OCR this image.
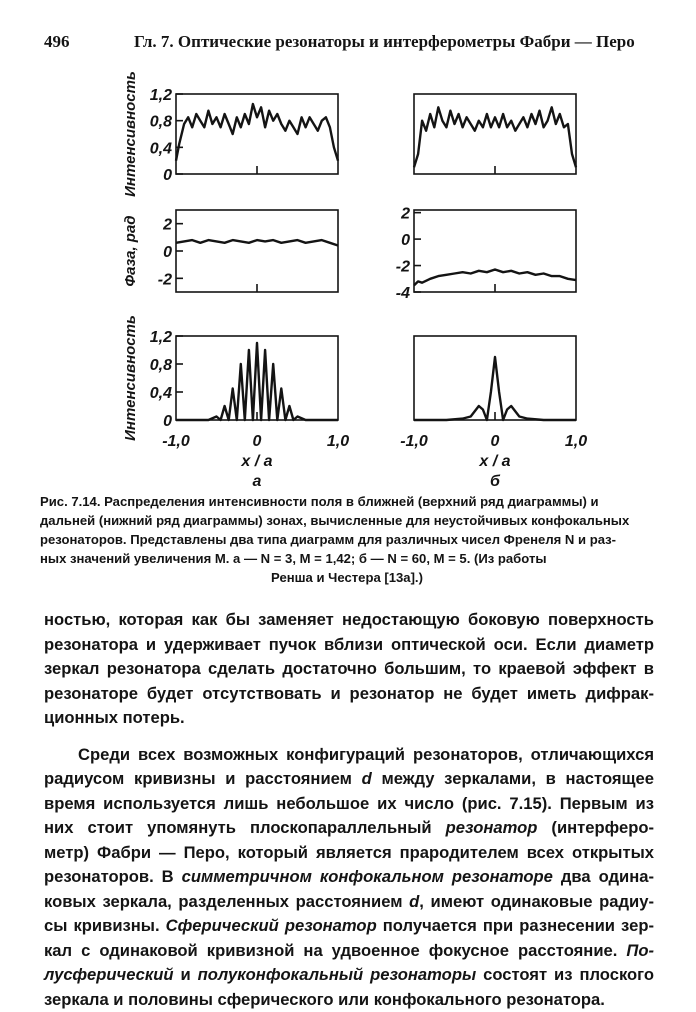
496	Гл. 7. Оптические резонаторы и интерферометры Фабри — Перо
1,2
0,8
0,4
0
2
0
-2
2
0
-2
-4
1,2
0,8
0,4
0
Интенсивность
Фаза, рад
Интенсивность
-1,0	0	1,0
x / a
-1,0	0	1,0
x / a
а	б
Рис. 7.14. Распределения интенсивности поля в ближней (верхний ряд диаграммы) и
дальней (нижний ряд диаграммы) зонах, вычисленные для неустойчивых конфокальных
резонаторов. Представлены два типа диаграмм для различных чисел Френеля N и раз-
ных значений увеличения M. а — N = 3, M = 1,42; б — N = 60, M = 5. (Из работы
Ренша и Честера [13а].)
ностью, которая как бы заменяет недостающую боковую поверхность
резонатора и удерживает пучок вблизи оптической оси. Если диаметр
зеркал резонатора сделать достаточно большим, то краевой эффект в
резонаторе будет отсутствовать и резонатор не будет иметь дифрак-
ционных потерь.
Среди всех возможных конфигураций резонаторов, отличающихся
радиусом кривизны и расстоянием d между зеркалами, в настоящее
время используется лишь небольшое их число (рис. 7.15). Первым из
них стоит упомянуть плоскопараллельный резонатор (интерферо-
метр) Фабри — Перо, который является прародителем всех открытых
резонаторов. В симметричном конфокальном резонаторе два одина-
ковых зеркала, разделенных расстоянием d, имеют одинаковые радиу-
сы кривизны. Сферический резонатор получается при разнесении зер-
кал с одинаковой кривизной на удвоенное фокусное расстояние. По-
лусферический и полуконфокальный резонаторы состоят из плоского
зеркала и половины сферического или конфокального резонатора.
